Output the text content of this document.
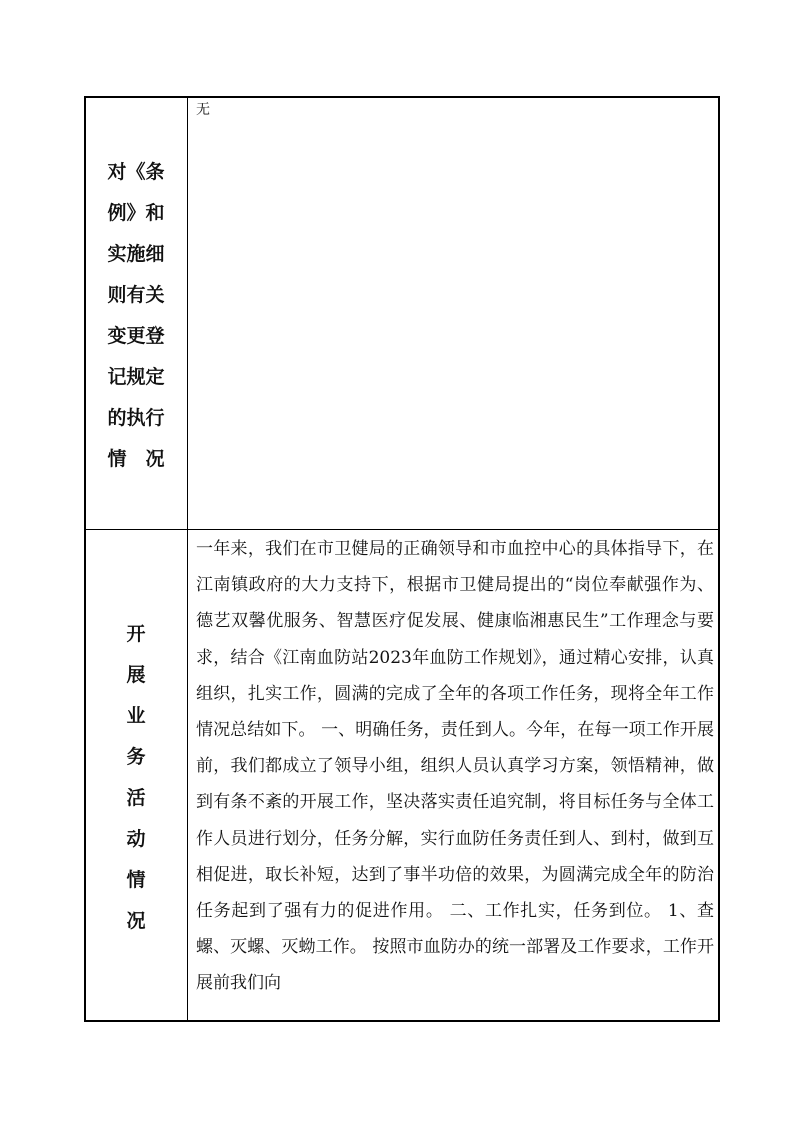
对《条
例》和
实施细
则有关
变更登
记规定
的执行
情　况
无
开
展
业
务
活
动
情
况
一年来，我们在市卫健局的正确领导和市血控中心的具体指导下，在江南镇政府的大力支持下，根据市卫健局提出的“岗位奉献强作为、德艺双馨优服务、智慧医疗促发展、健康临湘惠民生”工作理念与要求，结合《江南血防站2023年血防工作规划》，通过精心安排，认真组织，扎实工作，圆满的完成了全年的各项工作任务，现将全年工作情况总结如下。 一、明确任务，责任到人。今年，在每一项工作开展前，我们都成立了领导小组，组织人员认真学习方案，领悟精神，做到有条不紊的开展工作，坚决落实责任追究制，将目标任务与全体工作人员进行划分，任务分解，实行血防任务责任到人、到村，做到互相促进，取长补短，达到了事半功倍的效果，为圆满完成全年的防治任务起到了强有力的促进作用。 二、工作扎实，任务到位。 1、查螺、灭螺、灭蚴工作。 按照市血防办的统一部署及工作要求，工作开展前我们向
